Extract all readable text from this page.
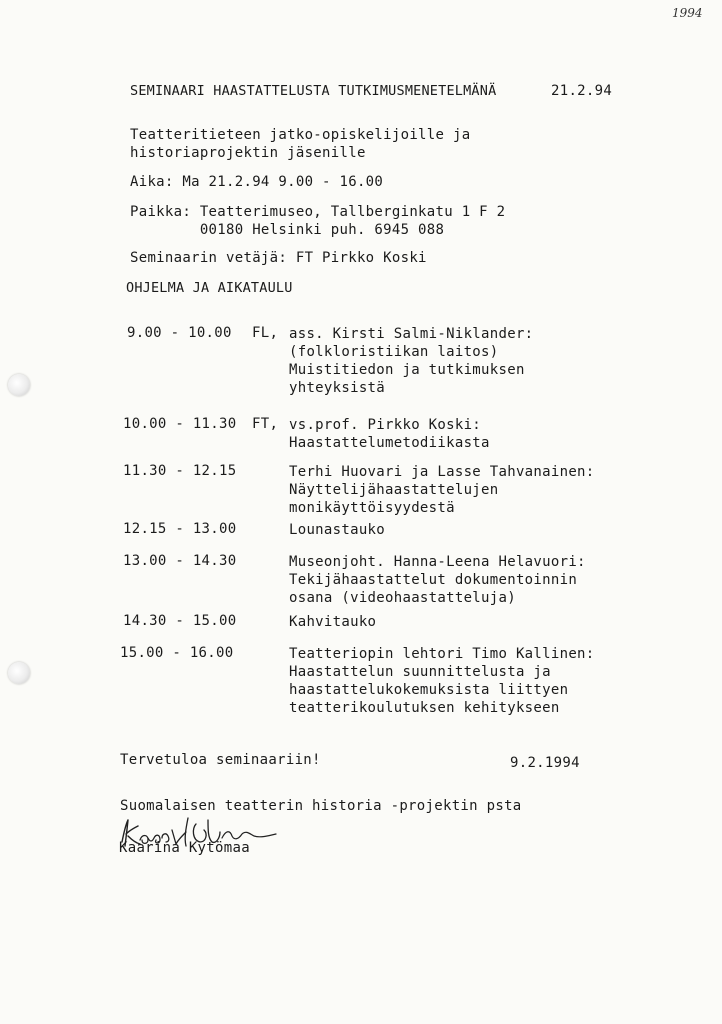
1994
SEMINAARI HAASTATTELUSTA TUTKIMUSMENETELMÄNÄ	21.2.94
Teatteritieteen jatko-opiskelijoille ja
historiaprojektin jäsenille
Aika: Ma 21.2.94 9.00 - 16.00
Paikka: Teatterimuseo, Tallberginkatu 1 F 2
00180 Helsinki puh. 6945 088
Seminaarin vetäjä: FT Pirkko Koski
OHJELMA JA AIKATAULU
9.00 - 10.00 FL, ass. Kirsti Salmi-Niklander:
(folkloristiikan laitos)
Muistitiedon ja tutkimuksen
yhteyksistä
10.00 - 11.30 FT, vs.prof. Pirkko Koski:
Haastattelumetodiikasta
11.30 - 12.15	Terhi Huovari ja Lasse Tahvanainen:
Näyttelijähaastattelujen
monikäyttöisyydestä
12.15 - 13.00	Lounastauko
13.00 - 14.30	Museonjoht. Hanna-Leena Helavuori:
Tekijähaastattelut dokumentoinnin
osana (videohaastatteluja)
14.30 - 15.00	Kahvitauko
15.00 - 16.00	Teatteriopin lehtori Timo Kallinen:
Haastattelun suunnittelusta ja
haastattelukokemuksista liittyen
teatterikoulutuksen kehitykseen
Tervetuloa seminaariin!	9.2.1994
Suomalaisen teatterin historia -projektin psta
Kaarina Kytömaa
